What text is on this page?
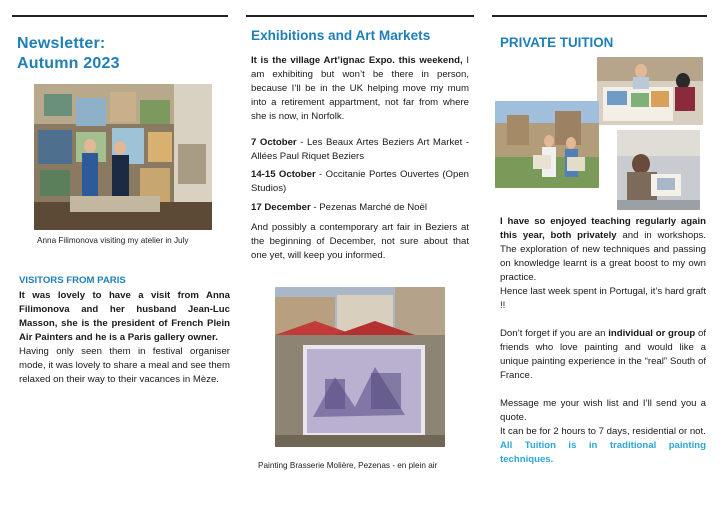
Newsletter:
Autumn 2023
Anna Filimonova visiting my atelier in July
VISITORS FROM PARIS

It was lovely to have a visit from Anna Filimonova and her husband Jean-Luc Masson, she is the president of French Plein Air Painters and he is a Paris gallery owner.

Having only seen them in festival organiser mode, it was lovely to share a meal and see them relaxed on their way to their vacances in Mèze.

Exhibitions and Art Markets
It is the village Art’ignac Expo. this weekend, I am exhibiting but won’t be there in person, because I’ll be in the UK helping move my mum into a retirement appartment, not far from where she is now, in Norfolk.
7 October - Les Beaux Artes Beziers Art Market - Allées Paul Riquet Beziers
14-15 October - Occitanie Portes Ouvertes (Open Studios)
17 December - Pezenas Marché de Noël
And possibly a contemporary art fair in Beziers at the beginning of December, not sure about that one yet, will keep you informed.
Painting Brasserie Molière, Pezenas - en plein air
PRIVATE TUITION

I have so enjoyed teaching regularly again this year, both privately and in workshops. The exploration of new techniques and passing on knowledge learnt is a great boost to my own practice.

Hence last week spent in Portugal, it’s hard graft !!

Don’t forget if you are an individual or group of friends who love painting and would like a unique painting experience in the “real” South of France.

Message me your wish list and I’ll send you a quote.

It can be for 2 hours to 7 days, residential or not.

All Tuition is in traditional painting techniques.
